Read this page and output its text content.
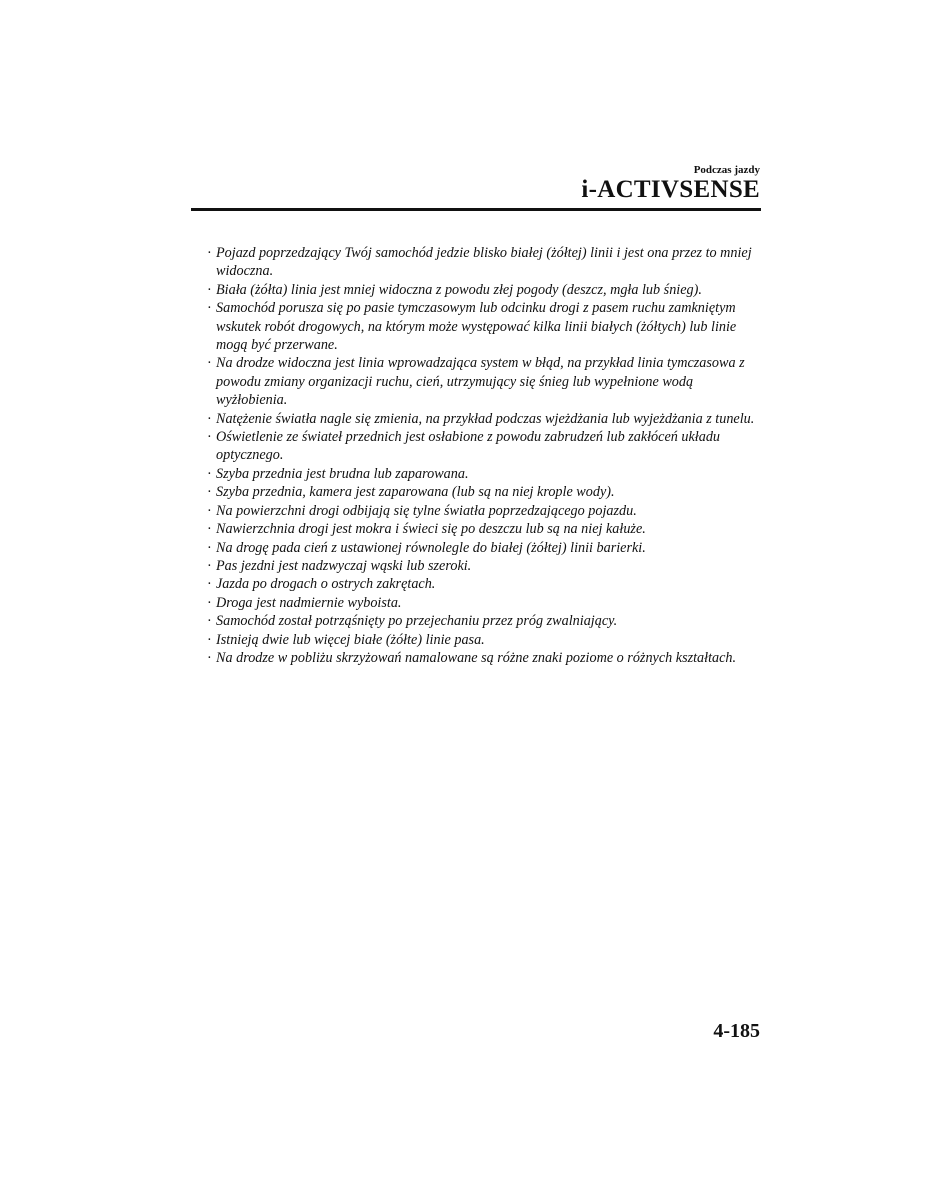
Podczas jazdy
i-ACTIVSENSE
· Pojazd poprzedzający Twój samochód jedzie blisko białej (żółtej) linii i jest ona przez to mniej widoczna.
· Biała (żółta) linia jest mniej widoczna z powodu złej pogody (deszcz, mgła lub śnieg).
· Samochód porusza się po pasie tymczasowym lub odcinku drogi z pasem ruchu zamkniętym wskutek robót drogowych, na którym może występować kilka linii białych (żółtych) lub linie mogą być przerwane.
· Na drodze widoczna jest linia wprowadzająca system w błąd, na przykład linia tymczasowa z powodu zmiany organizacji ruchu, cień, utrzymujący się śnieg lub wypełnione wodą wyżłobienia.
· Natężenie światła nagle się zmienia, na przykład podczas wjeżdżania lub wyjeżdżania z tunelu.
· Oświetlenie ze świateł przednich jest osłabione z powodu zabrudzeń lub zakłóceń układu optycznego.
· Szyba przednia jest brudna lub zaparowana.
· Szyba przednia, kamera jest zaparowana (lub są na niej krople wody).
· Na powierzchni drogi odbijają się tylne światła poprzedzającego pojazdu.
· Nawierzchnia drogi jest mokra i świeci się po deszczu lub są na niej kałuże.
· Na drogę pada cień z ustawionej równolegle do białej (żółtej) linii barierki.
· Pas jezdni jest nadzwyczaj wąski lub szeroki.
· Jazda po drogach o ostrych zakrętach.
· Droga jest nadmiernie wyboista.
· Samochód został potrząśnięty po przejechaniu przez próg zwalniający.
· Istnieją dwie lub więcej białe (żółte) linie pasa.
· Na drodze w pobliżu skrzyżowań namalowane są różne znaki poziome o różnych kształtach.
4-185
